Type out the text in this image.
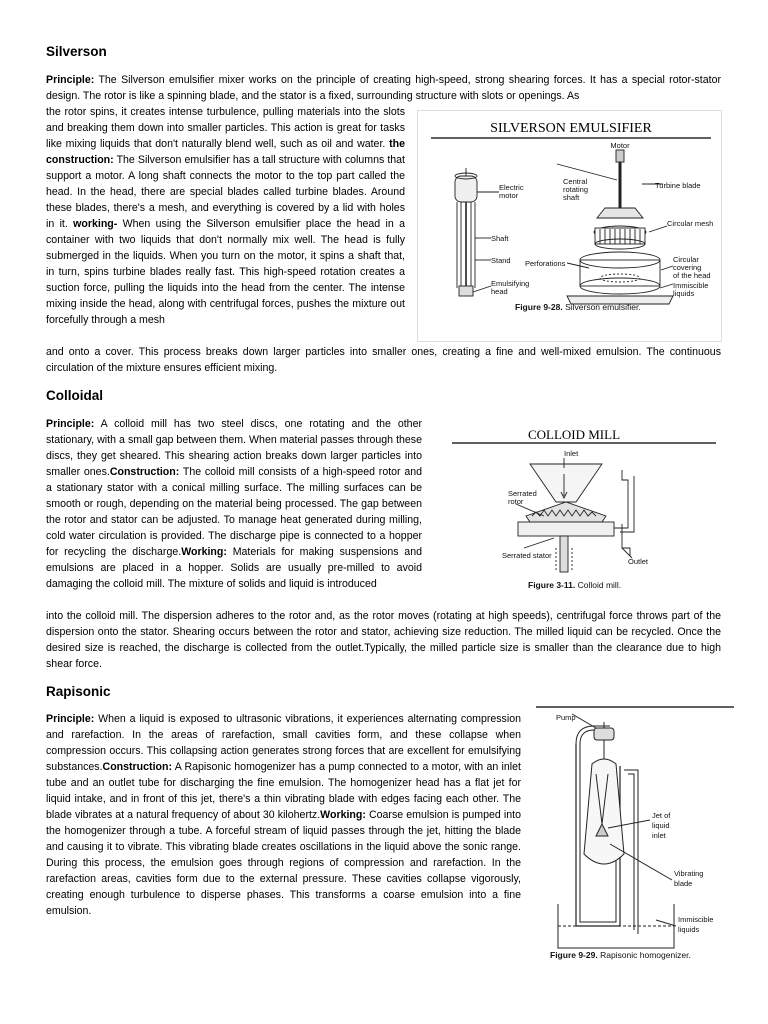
Silverson
Principle: The Silverson emulsifier mixer works on the principle of creating high-speed, strong shearing forces. It has a special rotor-stator design. The rotor is like a spinning blade, and the stator is a fixed, surrounding structure with slots or openings. As
the rotor spins, it creates intense turbulence, pulling materials into the slots and breaking them down into smaller particles. This action is great for tasks like mixing liquids that don't naturally blend well, such as oil and water. the construction: The Silverson emulsifier has a tall structure with columns that support a motor. A long shaft connects the motor to the top part called the head. In the head, there are special blades called turbine blades. Around these blades, there's a mesh, and everything is covered by a lid with holes in it. working- When using the Silverson emulsifier place the head in a container with two liquids that don't normally mix well. The head is fully submerged in the liquids. When you turn on the motor, it spins a shaft that, in turn, spins turbine blades really fast. This high-speed rotation creates a suction force, pulling the liquids into the head from the center. The intense mixing inside the head, along with centrifugal forces, pushes the mixture out forcefully through a mesh
and onto a cover. This process breaks down larger particles into smaller ones, creating a fine and well-mixed emulsion. The continuous circulation of the mixture ensures efficient mixing.
SILVERSON EMULSIFIER
Electric
motor
Shaft
Stand
Emulsifying
head
Motor
Central
rotating
shaft
Turbine blade
Circular mesh
Perforations	Circular
covering
of the head
Immiscible
liquids
Figure 9-28. Silverson emulsifier.
Colloidal
Principle: A colloid mill has two steel discs, one rotating and the other stationary, with a small gap between them. When material passes through these discs, they get sheared. This shearing action breaks down larger particles into smaller ones.Construction: The colloid mill consists of a high-speed rotor and a stationary stator with a conical milling surface. The milling surfaces can be smooth or rough, depending on the material being processed. The gap between the rotor and stator can be adjusted. To manage heat generated during milling, cold water circulation is provided. The discharge pipe is connected to a hopper for recycling the discharge.Working: Materials for making suspensions and emulsions are placed in a hopper. Solids are usually pre-milled to avoid damaging the colloid mill. The mixture of solids and liquid is introduced
into the colloid mill. The dispersion adheres to the rotor and, as the rotor moves (rotating at high speeds), centrifugal force throws part of the dispersion onto the stator. Shearing occurs between the rotor and stator, achieving size reduction. The milled liquid can be recycled. Once the desired size is reached, the discharge is collected from the outlet.Typically, the milled particle size is smaller than the clearance due to high shear force.
COLLOID MILL
Inlet
Serrated
rotor
Serrated stator
Outlet
Figure 3-11. Colloid mill.
Rapisonic
Principle: When a liquid is exposed to ultrasonic vibrations, it experiences alternating compression and rarefaction. In the areas of rarefaction, small cavities form, and these collapse when compression occurs. This collapsing action generates strong forces that are excellent for emulsifying substances.Construction: A Rapisonic homogenizer has a pump connected to a motor, with an inlet tube and an outlet tube for discharging the fine emulsion. The homogenizer head has a flat jet for liquid intake, and in front of this jet, there's a thin vibrating blade with edges facing each other. The blade vibrates at a natural frequency of about 30 kilohertz.Working: Coarse emulsion is pumped into the homogenizer through a tube. A forceful stream of liquid passes through the jet, hitting the blade and causing it to vibrate. This vibrating blade creates oscillations in the liquid above the sonic range. During this process, the emulsion goes through regions of compression and rarefaction. In the rarefaction areas, cavities form due to the external pressure. These cavities collapse vigorously, creating enough turbulence to disperse phases. This transforms a coarse emulsion into a fine emulsion.
Pump
Jet of
liquid
inlet
Vibrating
blade
Immiscible
liquids
Figure 9-29. Rapisonic homogenizer.
